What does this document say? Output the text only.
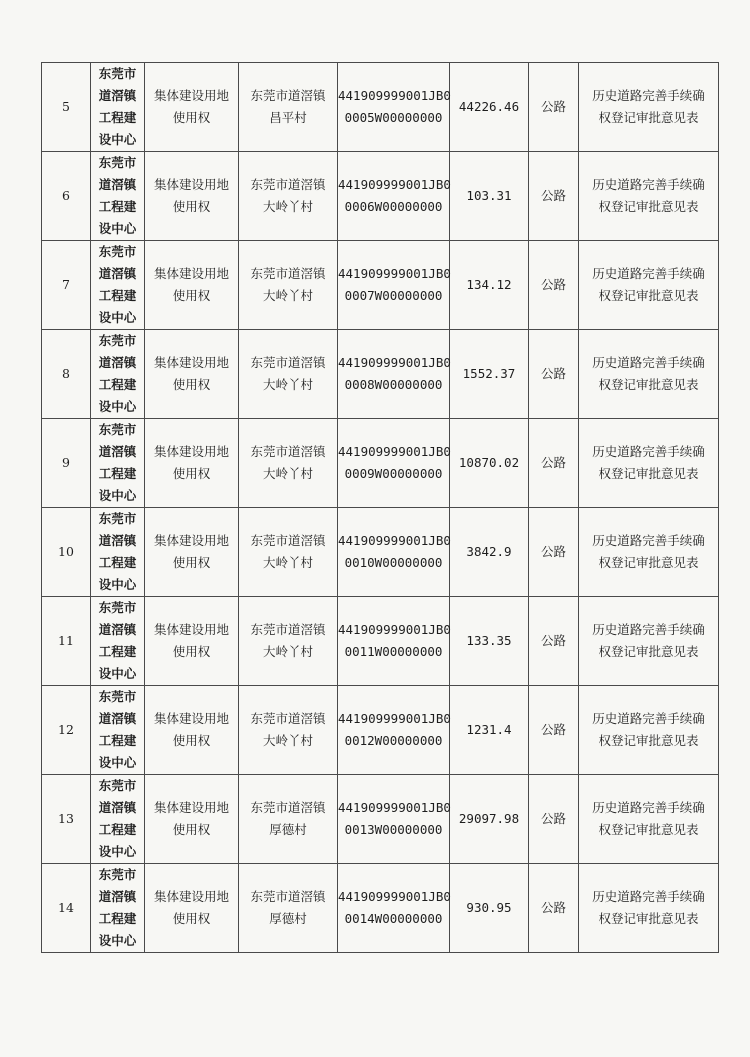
5	东莞市
道滘镇
工程建
设中心	集体建设用地
使用权	东莞市道滘镇
昌平村	441909999001JB0
0005W00000000	44226.46	公路	历史道路完善手续确
权登记审批意见表

6	东莞市
道滘镇
工程建
设中心	集体建设用地
使用权	东莞市道滘镇
大岭丫村	441909999001JB0
0006W00000000	103.31	公路	历史道路完善手续确
权登记审批意见表

7	东莞市
道滘镇
工程建
设中心	集体建设用地
使用权	东莞市道滘镇
大岭丫村	441909999001JB0
0007W00000000	134.12	公路	历史道路完善手续确
权登记审批意见表

8	东莞市
道滘镇
工程建
设中心	集体建设用地
使用权	东莞市道滘镇
大岭丫村	441909999001JB0
0008W00000000	1552.37	公路	历史道路完善手续确
权登记审批意见表

9	东莞市
道滘镇
工程建
设中心	集体建设用地
使用权	东莞市道滘镇
大岭丫村	441909999001JB0
0009W00000000	10870.02	公路	历史道路完善手续确
权登记审批意见表

10	东莞市
道滘镇
工程建
设中心	集体建设用地
使用权	东莞市道滘镇
大岭丫村	441909999001JB0
0010W00000000	3842.9	公路	历史道路完善手续确
权登记审批意见表

11	东莞市
道滘镇
工程建
设中心	集体建设用地
使用权	东莞市道滘镇
大岭丫村	441909999001JB0
0011W00000000	133.35	公路	历史道路完善手续确
权登记审批意见表

12	东莞市
道滘镇
工程建
设中心	集体建设用地
使用权	东莞市道滘镇
大岭丫村	441909999001JB0
0012W00000000	1231.4	公路	历史道路完善手续确
权登记审批意见表

13	东莞市
道滘镇
工程建
设中心	集体建设用地
使用权	东莞市道滘镇
厚德村	441909999001JB0
0013W00000000	29097.98	公路	历史道路完善手续确
权登记审批意见表

14	东莞市
道滘镇
工程建
设中心	集体建设用地
使用权	东莞市道滘镇
厚德村	441909999001JB0
0014W00000000	930.95	公路	历史道路完善手续确
权登记审批意见表
